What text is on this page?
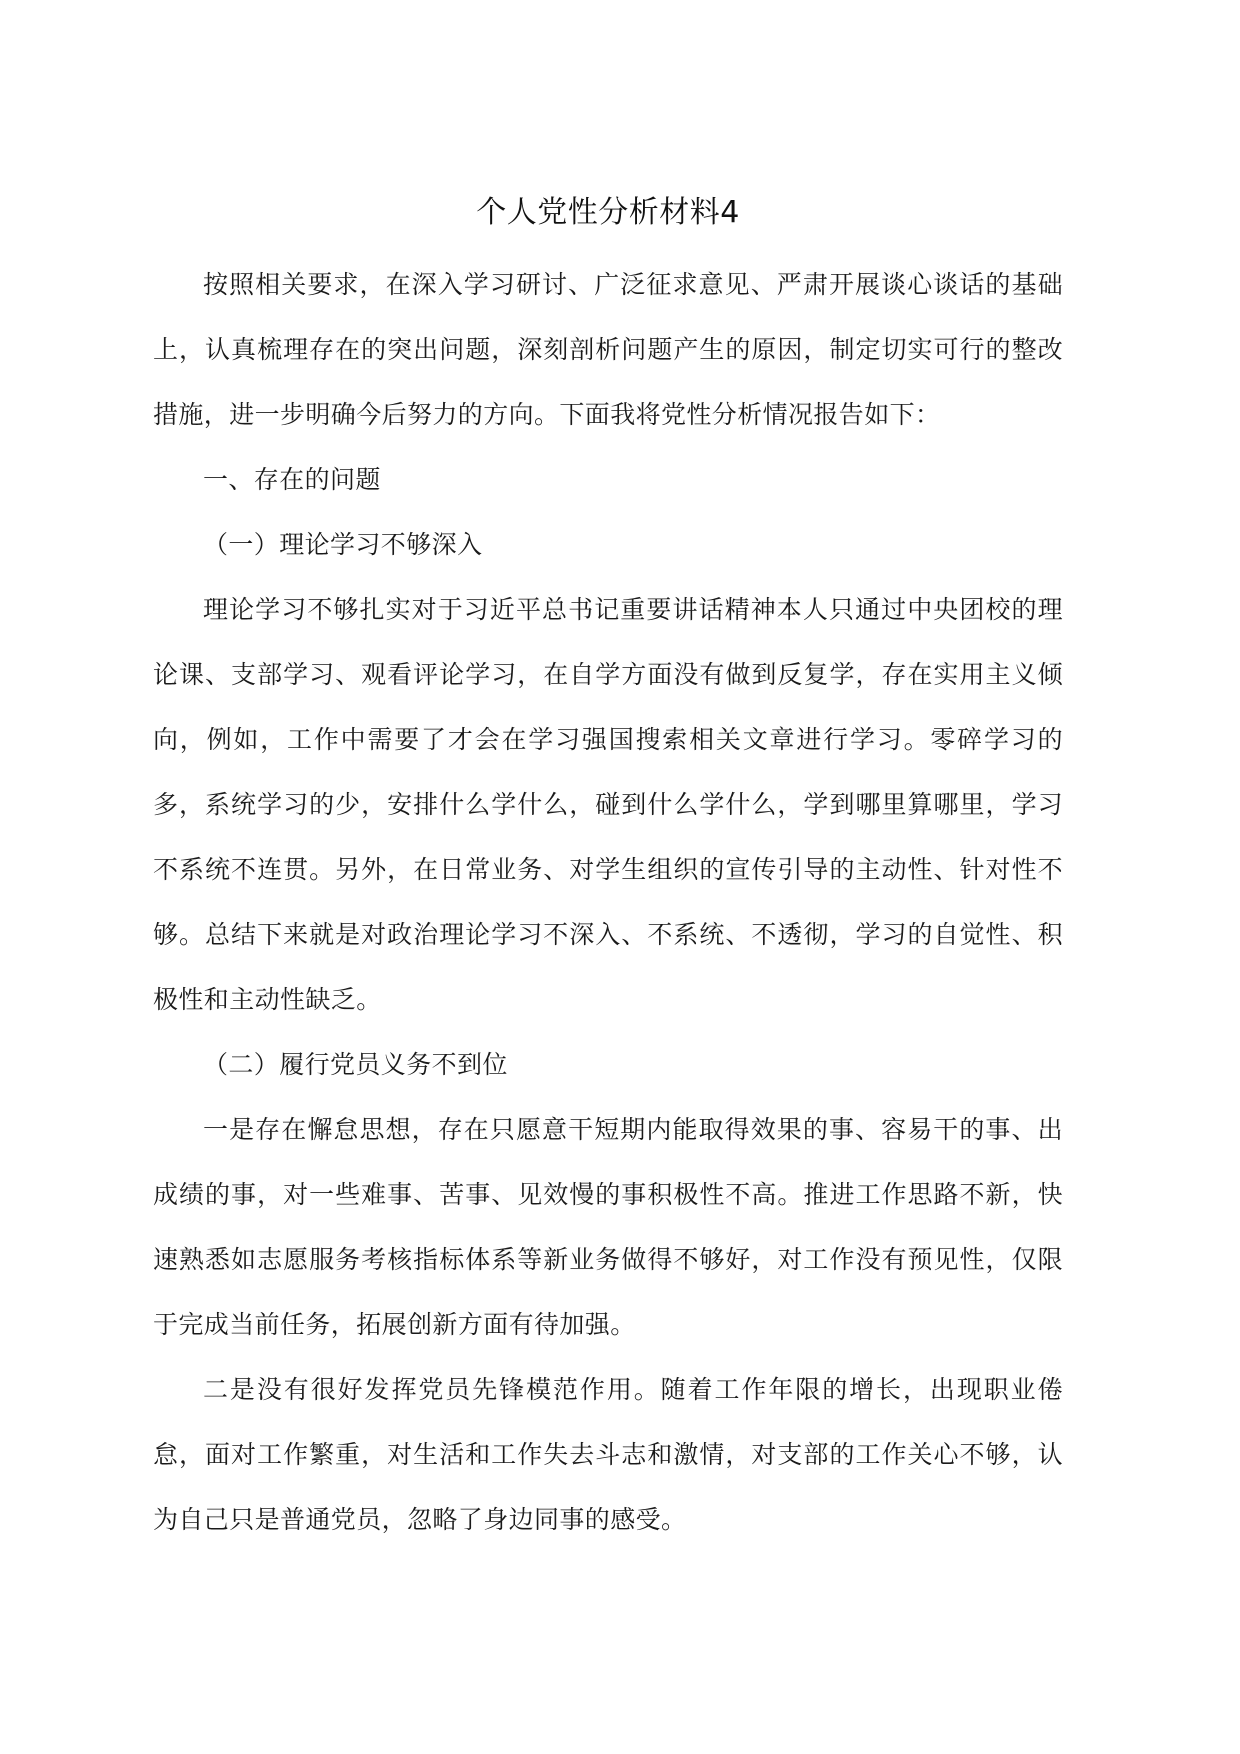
个人党性分析材料4

按照相关要求，在深入学习研讨、广泛征求意见、严肃开展谈心谈话的基础上，认真梳理存在的突出问题，深刻剖析问题产生的原因，制定切实可行的整改措施，进一步明确今后努力的方向。下面我将党性分析情况报告如下：

一、存在的问题

（一）理论学习不够深入

理论学习不够扎实对于习近平总书记重要讲话精神本人只通过中央团校的理论课、支部学习、观看评论学习，在自学方面没有做到反复学，存在实用主义倾向，例如，工作中需要了才会在学习强国搜索相关文章进行学习。零碎学习的多，系统学习的少，安排什么学什么，碰到什么学什么，学到哪里算哪里，学习不系统不连贯。另外，在日常业务、对学生组织的宣传引导的主动性、针对性不够。总结下来就是对政治理论学习不深入、不系统、不透彻，学习的自觉性、积极性和主动性缺乏。

（二）履行党员义务不到位

一是存在懈怠思想，存在只愿意干短期内能取得效果的事、容易干的事、出成绩的事，对一些难事、苦事、见效慢的事积极性不高。推进工作思路不新，快速熟悉如志愿服务考核指标体系等新业务做得不够好，对工作没有预见性，仅限于完成当前任务，拓展创新方面有待加强。

二是没有很好发挥党员先锋模范作用。随着工作年限的增长，出现职业倦怠，面对工作繁重，对生活和工作失去斗志和激情，对支部的工作关心不够，认为自己只是普通党员，忽略了身边同事的感受。
